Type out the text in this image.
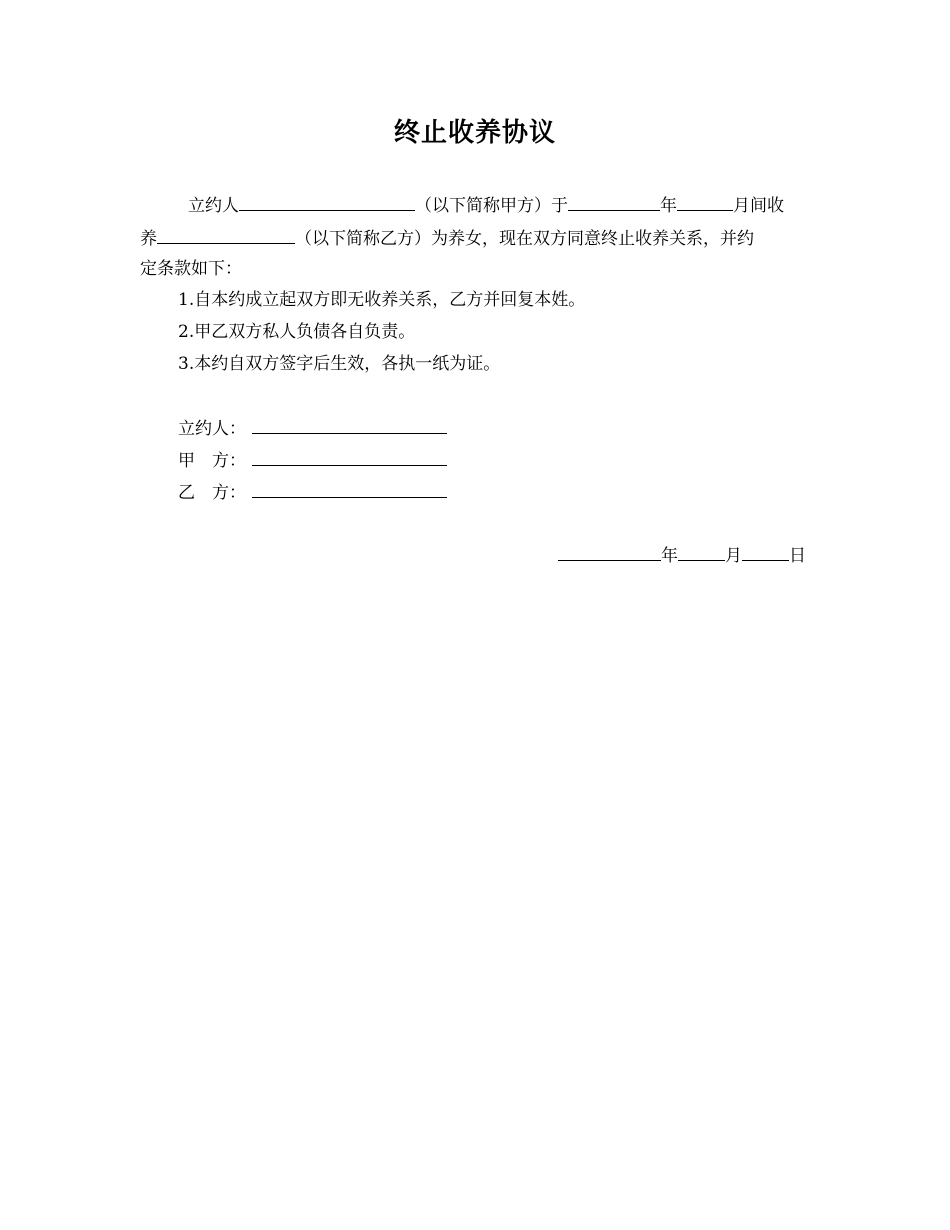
终止收养协议
立约人	（以下简称甲方）于	年	月间收
养	（以下简称乙方）为养女，现在双方同意终止收养关系，并约
定条款如下：
1.自本约成立起双方即无收养关系，乙方并回复本姓。
2.甲乙双方私人负债各自负责。
3.本约自双方签字后生效，各执一纸为证。
立约人：
甲　方：
乙　方：
年	月	日
